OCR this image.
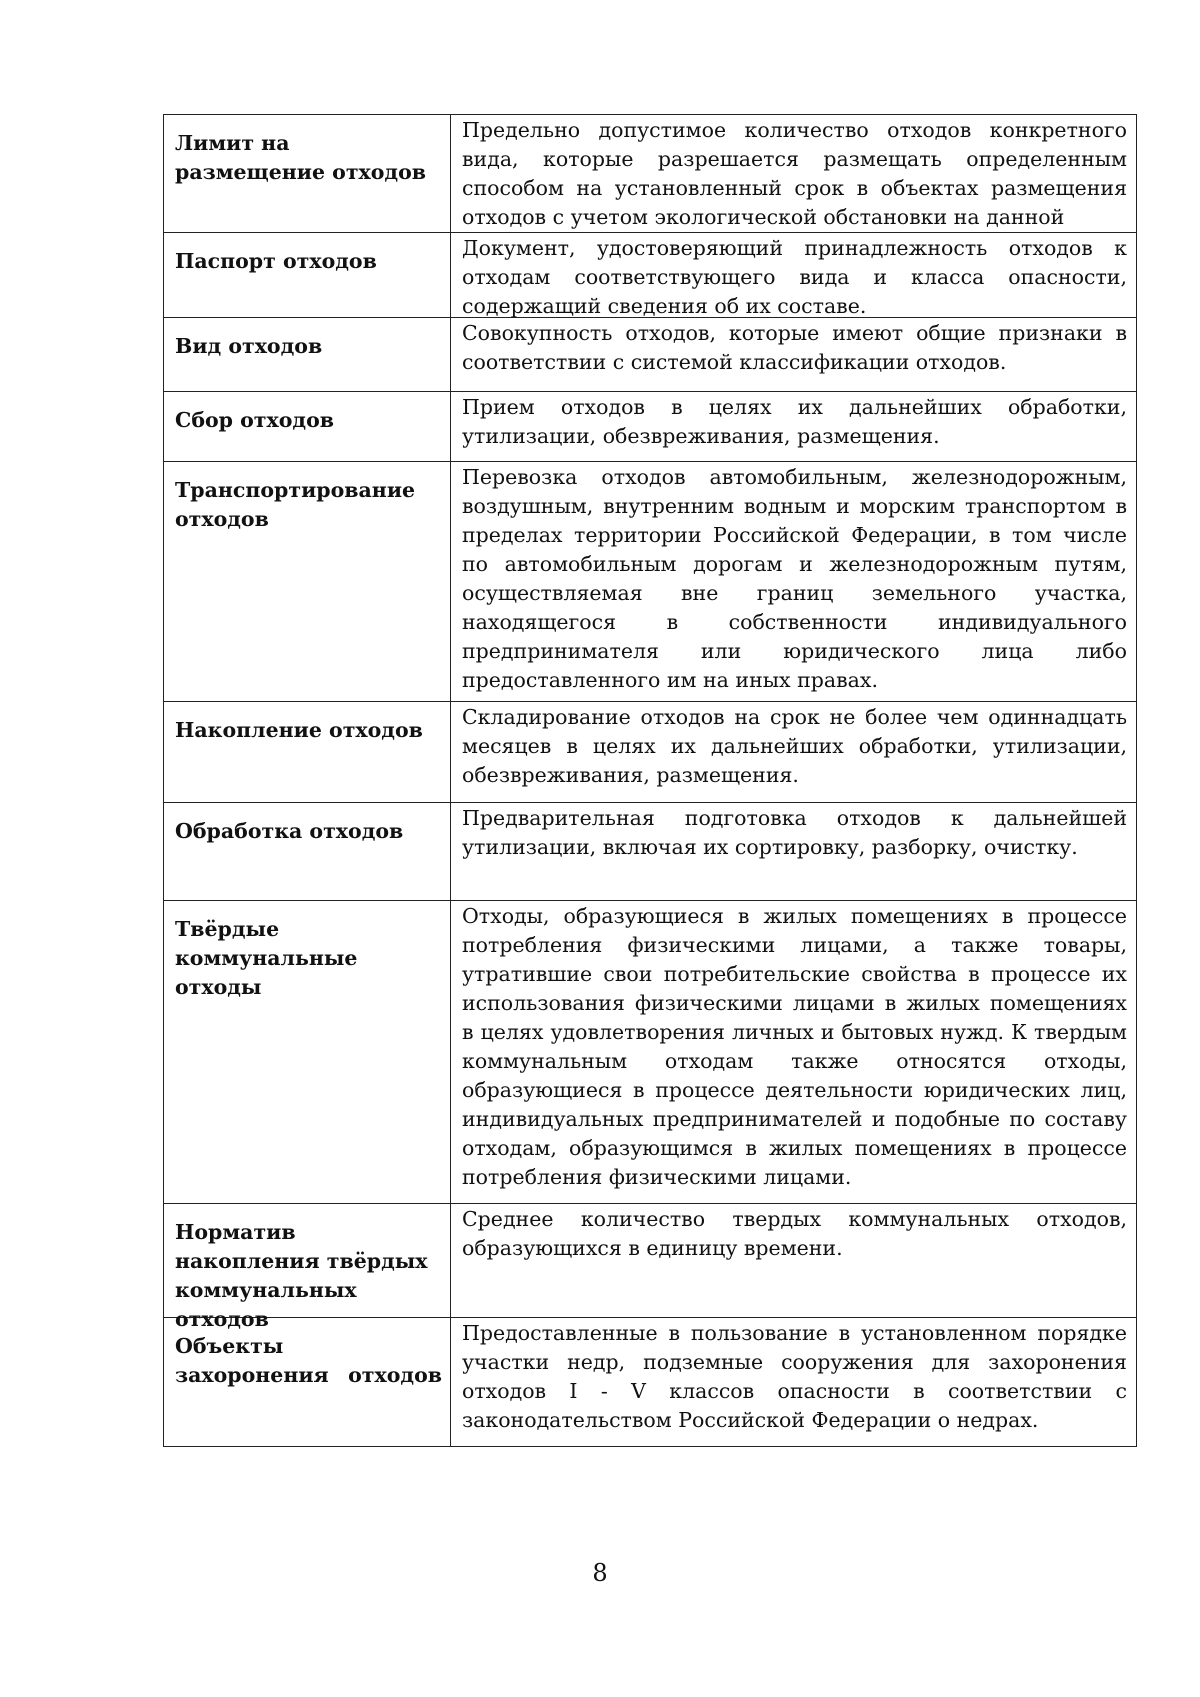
Лимит на размещение отходов	Предельно допустимое количество отходов конкретного вида, которые разрешается размещать определенным способом на установленный срок в объектах размещения отходов с учетом экологической обстановки на данной

Паспорт отходов	Документ, удостоверяющий принадлежность отходов к отходам соответствующего вида и класса опасности, содержащий сведения об их составе.

Вид отходов	Совокупность отходов, которые имеют общие признаки в соответствии с системой классификации отходов.

Сбор отходов	Прием отходов в целях их дальнейших обработки, утилизации, обезвреживания, размещения.

Транспортирование отходов	Перевозка отходов автомобильным, железнодорожным, воздушным, внутренним водным и морским транспортом в пределах территории Российской Федерации, в том числе по автомобильным дорогам и железнодорожным путям, осуществляемая вне границ земельного участка, находящегося в собственности индивидуального предпринимателя или юридического лица либо предоставленного им на иных правах.

Накопление отходов	Складирование отходов на срок не более чем одиннадцать месяцев в целях их дальнейших обработки, утилизации, обезвреживания, размещения.

Обработка отходов	Предварительная подготовка отходов к дальнейшей утилизации, включая их сортировку, разборку, очистку.

Твёрдые коммунальные отходы	Отходы, образующиеся в жилых помещениях в процессе потребления физическими лицами, а также товары, утратившие свои потребительские свойства в процессе их использования физическими лицами в жилых помещениях в целях удовлетворения личных и бытовых нужд. К твердым коммунальным отходам также относятся отходы, образующиеся в процессе деятельности юридических лиц, индивидуальных предпринимателей и подобные по составу отходам, образующимся в жилых помещениях в процессе потребления физическими лицами.

Норматив накопления твёрдых коммунальных отходов	Среднее количество твердых коммунальных отходов, образующихся в единицу времени.

Объекты захоронения отходов	Предоставленные в пользование в установленном порядке участки недр, подземные сооружения для захоронения отходов I - V классов опасности в соответствии с законодательством Российской Федерации о недрах.
8
